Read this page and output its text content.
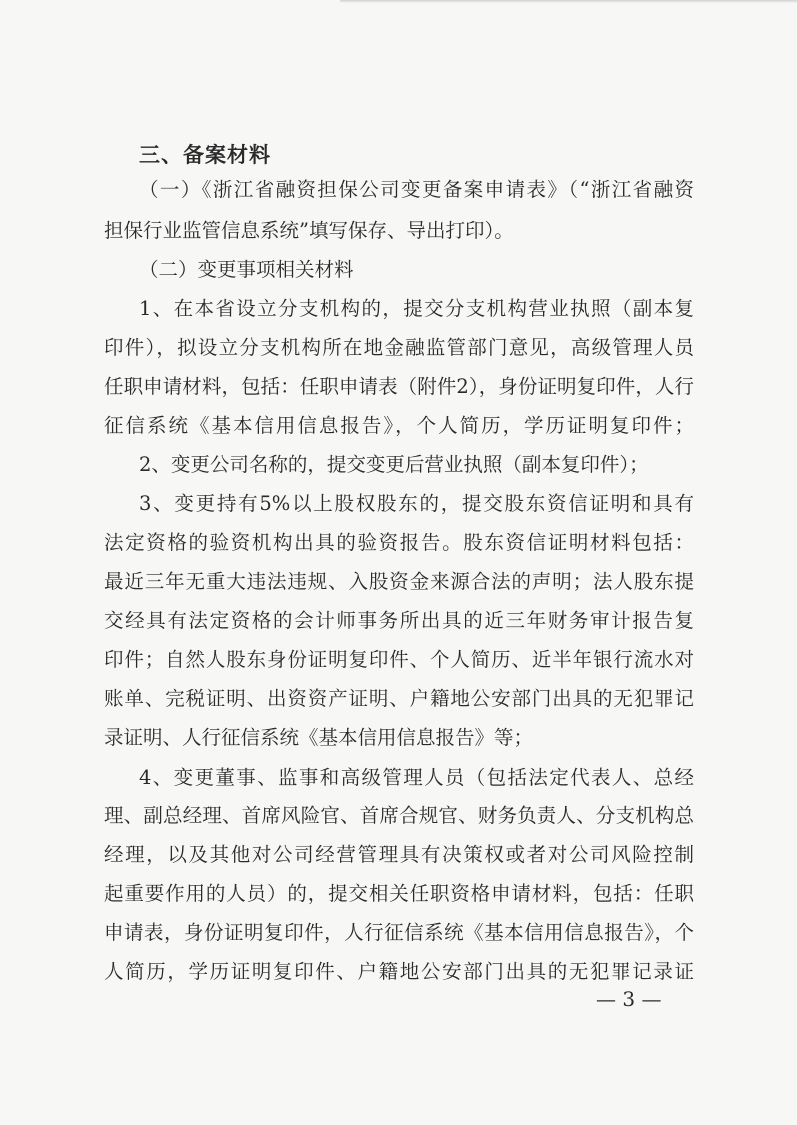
三、备案材料
（一）《浙江省融资担保公司变更备案申请表》（“浙江省融资
担保行业监管信息系统”填写保存、导出打印）。
（二）变更事项相关材料
1、在本省设立分支机构的，提交分支机构营业执照（副本复
印件），拟设立分支机构所在地金融监管部门意见，高级管理人员
任职申请材料，包括：任职申请表（附件2），身份证明复印件，人行
征信系统《基本信用信息报告》，个人简历，学历证明复印件；
2、变更公司名称的，提交变更后营业执照（副本复印件）；
3、变更持有5%以上股权股东的，提交股东资信证明和具有
法定资格的验资机构出具的验资报告。股东资信证明材料包括：
最近三年无重大违法违规、入股资金来源合法的声明；法人股东提
交经具有法定资格的会计师事务所出具的近三年财务审计报告复
印件；自然人股东身份证明复印件、个人简历、近半年银行流水对
账单、完税证明、出资资产证明、户籍地公安部门出具的无犯罪记
录证明、人行征信系统《基本信用信息报告》等；
4、变更董事、监事和高级管理人员（包括法定代表人、总经
理、副总经理、首席风险官、首席合规官、财务负责人、分支机构总
经理，以及其他对公司经营管理具有决策权或者对公司风险控制
起重要作用的人员）的，提交相关任职资格申请材料，包括：任职
申请表，身份证明复印件，人行征信系统《基本信用信息报告》，个
人简历，学历证明复印件、户籍地公安部门出具的无犯罪记录证
— 3 —
